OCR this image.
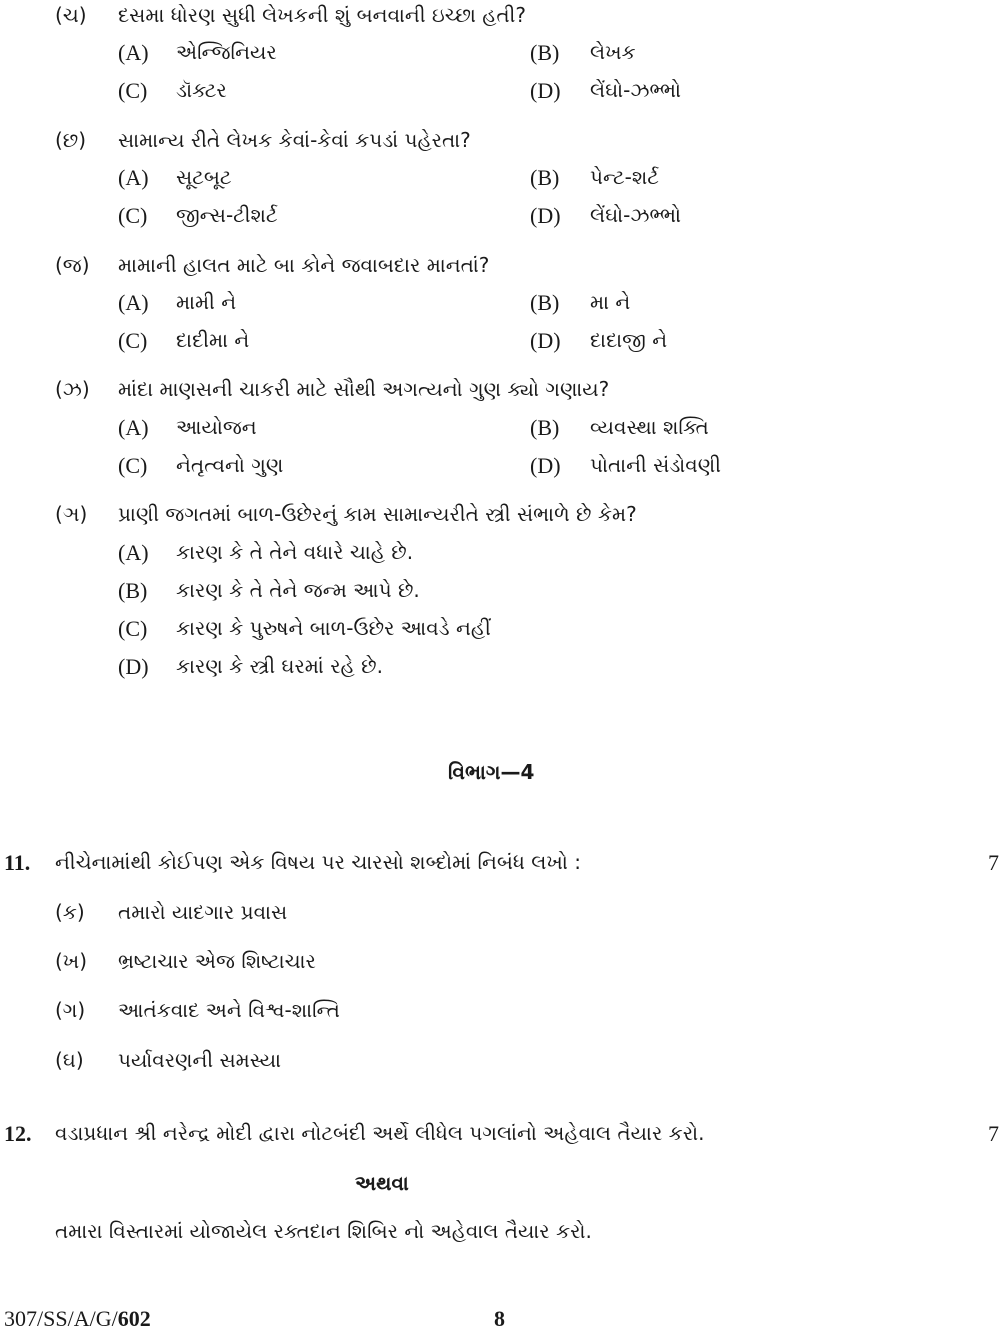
(ચ) દસમા ધોરણ સુધી લેખકની શું બનવાની ઇચ્છા હતી?
(A) એન્જિનિયર	(B) લેખક
(C) ડૉક્ટર	(D) લેંઘો-ઝભ્ભો
(છ) સામાન્ય રીતે લેખક કેવાં-કેવાં કપડાં પહેરતા?
(A) સૂટબૂટ	(B) પેન્ટ-શર્ટ
(C) જીન્સ-ટીશર્ટ	(D) લેંઘો-ઝભ્ભો
(જ) મામાની હાલત માટે બા કોને જવાબદાર માનતાં?
(A) મામી ને	(B) મા ને
(C) દાદીમા ને	(D) દાદાજી ને
(ઝ) માંદા માણસની ચાકરી માટે સૌથી અગત્યનો ગુણ ક્યો ગણાય?
(A) આયોજન	(B) વ્યવસ્થા શક્તિ
(C) નેતૃત્વનો ગુણ	(D) પોતાની સંડોવણી
(ઞ) પ્રાણી જગતમાં બાળ-ઉછેરનું કામ સામાન્યરીતે સ્ત્રી સંભાળે છે કેમ?
(A) કારણ કે તે તેને વધારે ચાહે છે.
(B) કારણ કે તે તેને જન્મ આપે છે.
(C) કારણ કે પુરુષને બાળ-ઉછેર આવડે નહીં
(D) કારણ કે સ્ત્રી ઘરમાં રહે છે.
વિભાગ—4
11. નીચેનામાંથી કોઈપણ એક વિષય પર ચારસો શબ્દોમાં નિબંધ લખો :	7
(ક) તમારો યાદગાર પ્રવાસ
(ખ) ભ્રષ્ટાચાર એજ શિષ્ટાચાર
(ગ) આતંકવાદ અને વિશ્વ-શાન્તિ
(ઘ) પર્યાવરણની સમસ્યા
12. વડાપ્રધાન શ્રી નરેન્દ્ર મોદી દ્વારા નોટબંદી અર્થે લીધેલ પગલાંનો અહેવાલ તૈયાર કરો.	7
અથવા
તમારા વિસ્તારમાં યોજાયેલ રક્તદાન શિબિર નો અહેવાલ તૈયાર કરો.
307/SS/A/G/602	8
